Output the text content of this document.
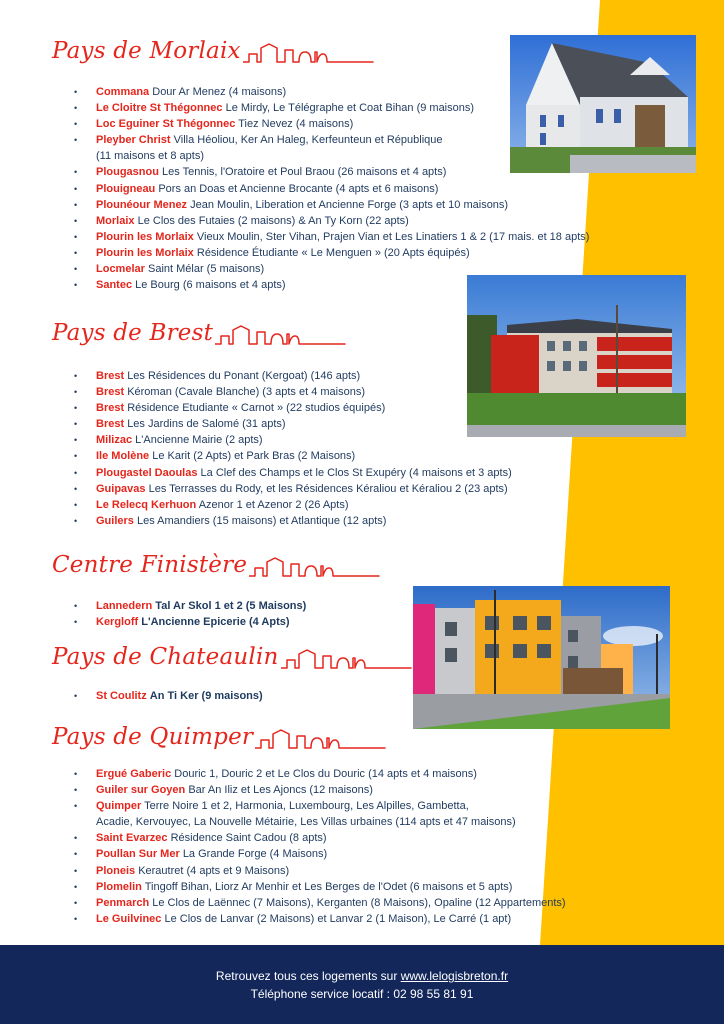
Pays de Morlaix
• Commana Dour Ar Menez (4 maisons)
• Le Cloitre St Thégonnec Le Mirdy, Le Télégraphe et Coat Bihan (9 maisons)
• Loc Eguiner St Thégonnec Tiez Nevez (4 maisons)
• Pleyber Christ Villa Héoliou, Ker An Haleg, Kerfeunteun et République
(11 maisons et 8 apts)
• Plougasnou Les Tennis, l'Oratoire et Poul Braou (26 maisons et 4 apts)
• Plouigneau Pors an Doas et Ancienne Brocante (4 apts et 6 maisons)
• Plounéour Menez Jean Moulin, Liberation et Ancienne Forge (3 apts et 10 maisons)
• Morlaix Le Clos des Futaies (2 maisons) & An Ty Korn (22 apts)
• Plourin les Morlaix Vieux Moulin, Ster Vihan, Prajen Vian et Les Linatiers 1 & 2 (17 mais. et 18 apts)
• Plourin les Morlaix Résidence Étudiante « Le Menguen » (20 Apts équipés)
• Locmelar Saint Mélar (5 maisons)
• Santec Le Bourg (6 maisons et 4 apts)
Pays de Brest
• Brest Les Résidences du Ponant (Kergoat) (146 apts)
• Brest Kéroman (Cavale Blanche) (3 apts et 4 maisons)
• Brest Résidence Etudiante « Carnot » (22 studios équipés)
• Brest Les Jardins de Salomé (31 apts)
• Milizac L'Ancienne Mairie (2 apts)
• Ile Molène Le Karit (2 Apts) et Park Bras (2 Maisons)
• Plougastel Daoulas La Clef des Champs et le Clos St Exupéry (4 maisons et 3 apts)
• Guipavas Les Terrasses du Rody, et les Résidences Kéraliou et Kéraliou 2 (23 apts)
• Le Relecq Kerhuon Azenor 1 et Azenor 2 (26 Apts)
• Guilers Les Amandiers (15 maisons) et Atlantique (12 apts)
Centre Finistère
• Lannedern Tal Ar Skol 1 et 2 (5 Maisons)
• Kergloff L'Ancienne Epicerie (4 Apts)
Pays de Chateaulin
• St Coulitz An Ti Ker (9 maisons)
Pays de Quimper
• Ergué Gaberic Douric 1, Douric 2 et Le Clos du Douric (14 apts et 4 maisons)
• Guiler sur Goyen Bar An Iliz et Les Ajoncs (12 maisons)
• Quimper Terre Noire 1 et 2, Harmonia, Luxembourg, Les Alpilles, Gambetta,
Acadie, Kervouyec, La Nouvelle Métairie, Les Villas urbaines (114 apts et 47 maisons)
• Saint Evarzec Résidence Saint Cadou (8 apts)
• Poullan Sur Mer La Grande Forge (4 Maisons)
• Ploneis Kerautret (4 apts et 9 Maisons)
• Plomelin Tingoff Bihan, Liorz Ar Menhir et Les Berges de l'Odet (6 maisons et 5 apts)
• Penmarch Le Clos de Laënnec (7 Maisons), Kerganten (8 Maisons), Opaline (12 Appartements)
• Le Guilvinec Le Clos de Lanvar (2 Maisons) et Lanvar 2 (1 Maison), Le Carré (1 apt)
Retrouvez tous ces logements sur www.lelogisbreton.fr
Téléphone service locatif : 02 98 55 81 91
